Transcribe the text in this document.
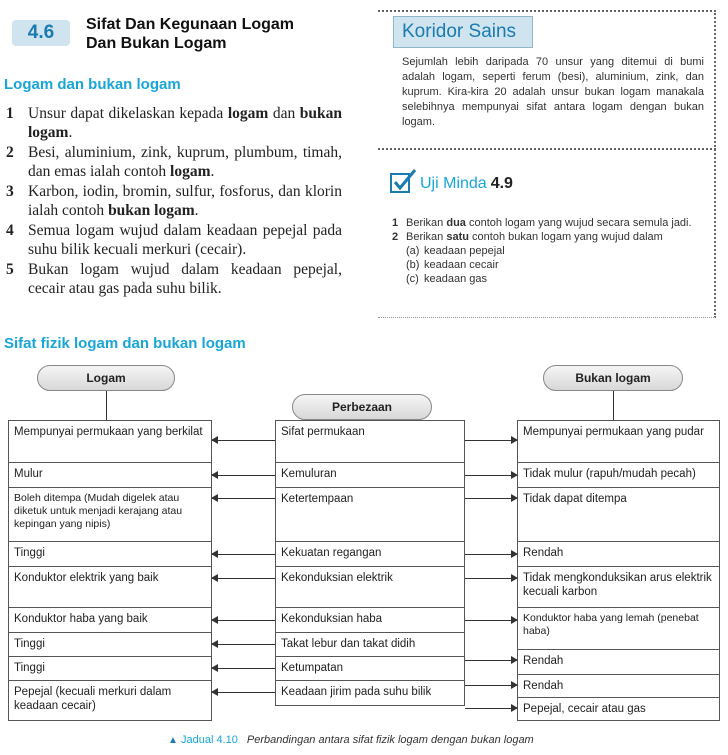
4.6	Sifat Dan Kegunaan Logam
Dan Bukan Logam
Logam dan bukan logam
1 Unsur dapat dikelaskan kepada logam dan bukan logam.
2 Besi, aluminium, zink, kuprum, plumbum, timah, dan emas ialah contoh logam.
3 Karbon, iodin, bromin, sulfur, fosforus, dan klorin ialah contoh bukan logam.
4 Semua logam wujud dalam keadaan pepejal pada suhu bilik kecuali merkuri (cecair).
5 Bukan logam wujud dalam keadaan pepejal, cecair atau gas pada suhu bilik.
Koridor Sains
Sejumlah lebih daripada 70 unsur yang ditemui di bumi adalah logam, seperti ferum (besi), aluminium, zink, dan kuprum. Kira-kira 20 adalah unsur bukan logam manakala selebihnya mempunyai sifat antara logam dengan bukan logam.
Uji Minda 4.9
1 Berikan dua contoh logam yang wujud secara semula jadi.
2 Berikan satu contoh bukan logam yang wujud dalam
(a) keadaan pepejal
(b) keadaan cecair
(c) keadaan gas
Sifat fizik logam dan bukan logam
Logam
Perbezaan
Bukan logam
Mempunyai permukaan yang berkilat
Mulur
Boleh ditempa (Mudah digelek atau diketuk untuk menjadi kerajang atau kepingan yang nipis)
Tinggi
Konduktor elektrik yang baik
Konduktor haba yang baik
Tinggi
Tinggi
Pepejal (kecuali merkuri dalam keadaan cecair)
Sifat permukaan
Kemuluran
Ketertempaan
Kekuatan regangan
Kekonduksian elektrik
Kekonduksian haba
Takat lebur dan takat didih
Ketumpatan
Keadaan jirim pada suhu bilik
Mempunyai permukaan yang pudar
Tidak mulur (rapuh/mudah pecah)
Tidak dapat ditempa
Rendah
Tidak mengkonduksikan arus elektrik kecuali karbon
Konduktor haba yang lemah (penebat haba)
Rendah
Rendah
Pepejal, cecair atau gas
▲ Jadual 4.10 Perbandingan antara sifat fizik logam dengan bukan logam
